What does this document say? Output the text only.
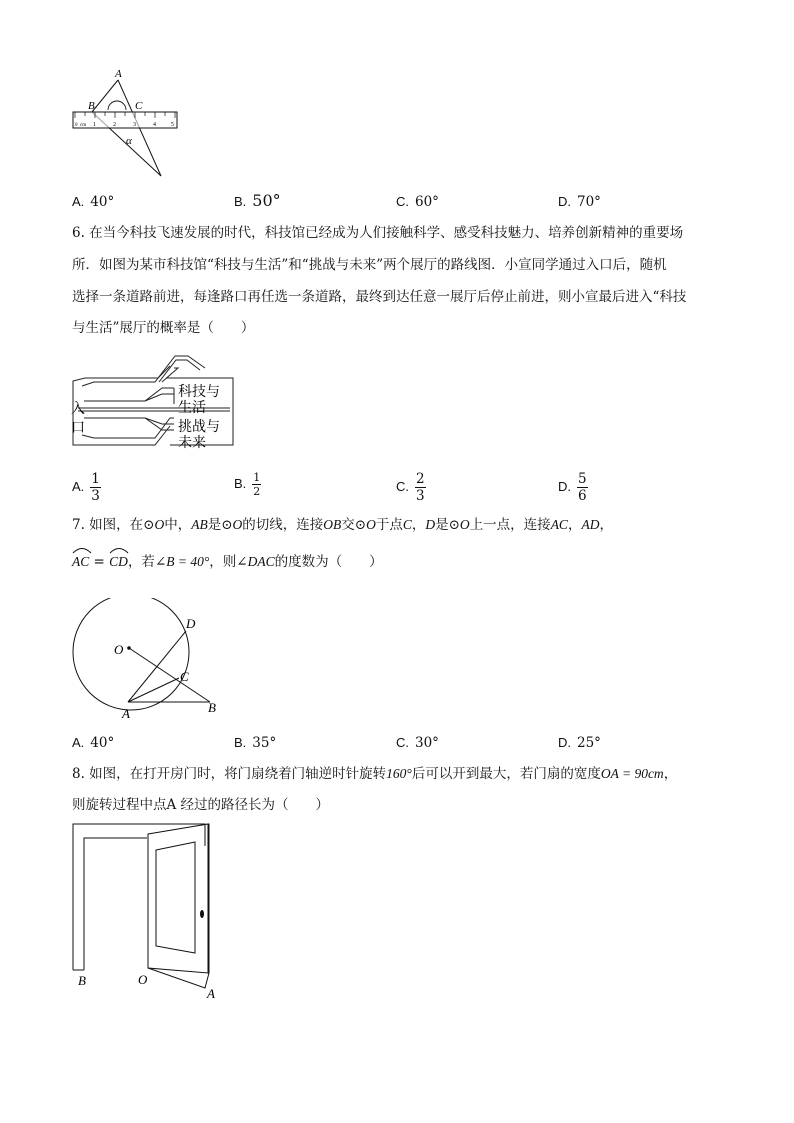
A
B	C
α
0 cm 1	2	3	4	5
A. 40°	B. 50°	C. 60°	D. 70°
6. 在当今科技飞速发展的时代，科技馆已经成为人们接触科学、感受科技魅力、培养创新精神的重要场
所．如图为某市科技馆“科技与生活”和“挑战与未来”两个展厅的路线图．小宣同学通过入口后，随机
选择一条道路前进，每逢路口再任选一条道路，最终到达任意一展厅后停止前进，则小宣最后进入“科技
与生活”展厅的概率是（　　）
入
口
科技与
生活
挑战与
未来
A. $\frac{1}{3}$	B. $\frac{1}{2}$	C. $\frac{2}{3}$	D. $\frac{5}{6}$
7. 如图，在⊙O中，AB是⊙O的切线，连接OB交⊙O于点C，D是⊙O上一点，连接AC，AD，
AC =
CD，若∠B = 40°，则∠DAC的度数为（　　）
O
D
C
A	B
A. 40°	B. 35°	C. 30°	D. 25°
8. 如图，在打开房门时，将门扇绕着门轴逆时针旋转160°后可以开到最大，若门扇的宽度OA = 90cm，
则旋转过程中点A 经过的路径长为（　　）
B	O
A
